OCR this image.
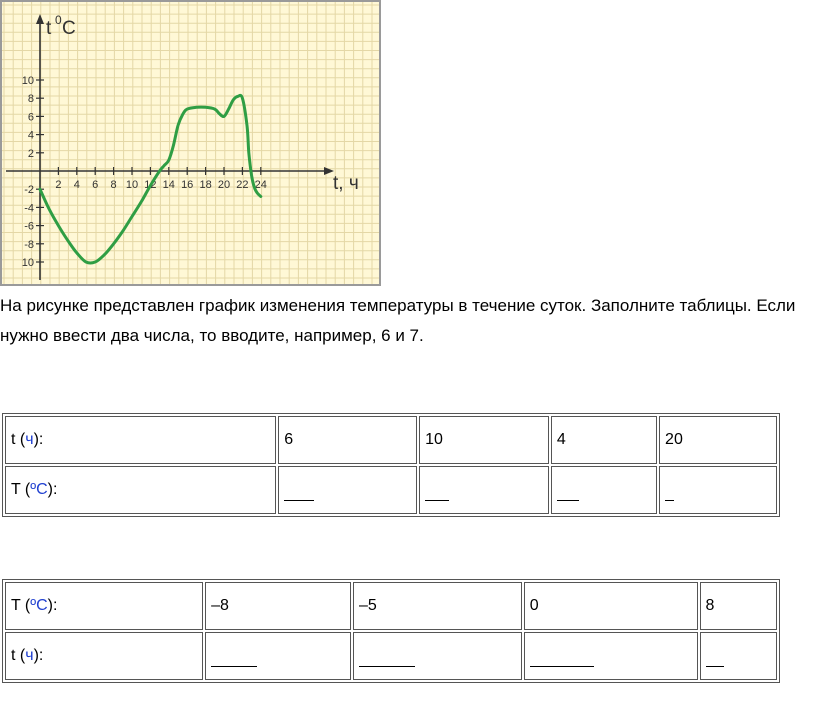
t 0 C
t, ч
2 4 6 8 10 12 14 16 18 20 22 24
10
8
6
4
2
-2
-4
-6
-8
10
На рисунке представлен график изменения температуры в течение суток. Заполните таблицы. Если нужно ввести два числа, то вводите, например, 6 и 7.
t (ч):	6	10	4	20
T (ºC):				
T (ºC):	–8	–5	0	8
t (ч):				
